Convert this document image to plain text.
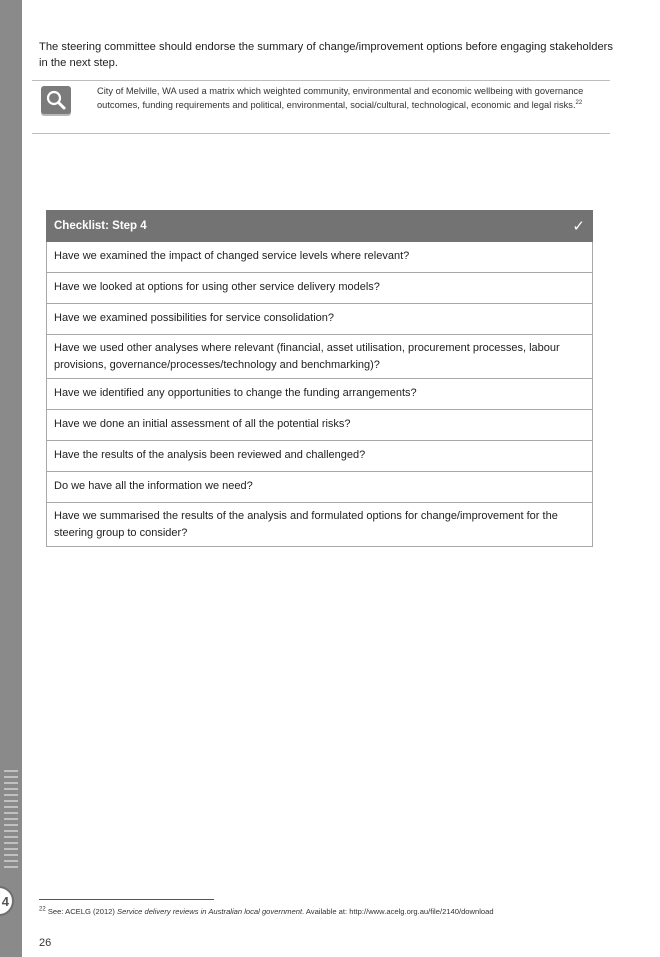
4

The steering committee should endorse the summary of change/improvement options before engaging stakeholders in the next step.

City of Melville, WA used a matrix which weighted community, environmental and economic wellbeing with governance outcomes, funding requirements and political, environmental, social/cultural, technological, economic and legal risks.$^{22}$
Checklist: Step 4	✓
Have we examined the impact of changed service levels where relevant?
Have we looked at options for using other service delivery models?
Have we examined possibilities for service consolidation?
Have we used other analyses where relevant (financial, asset utilisation, procurement processes, labour provisions, governance/processes/technology and benchmarking)?
Have we identified any opportunities to change the funding arrangements?
Have we done an initial assessment of all the potential risks?
Have the results of the analysis been reviewed and challenged?
Do we have all the information we need?
Have we summarised the results of the analysis and formulated options for change/improvement for the steering group to consider?
$^{22}$ See: ACELG (2012) Service delivery reviews in Australian local government. Available at: http://www.acelg.org.au/file/2140/download
26
